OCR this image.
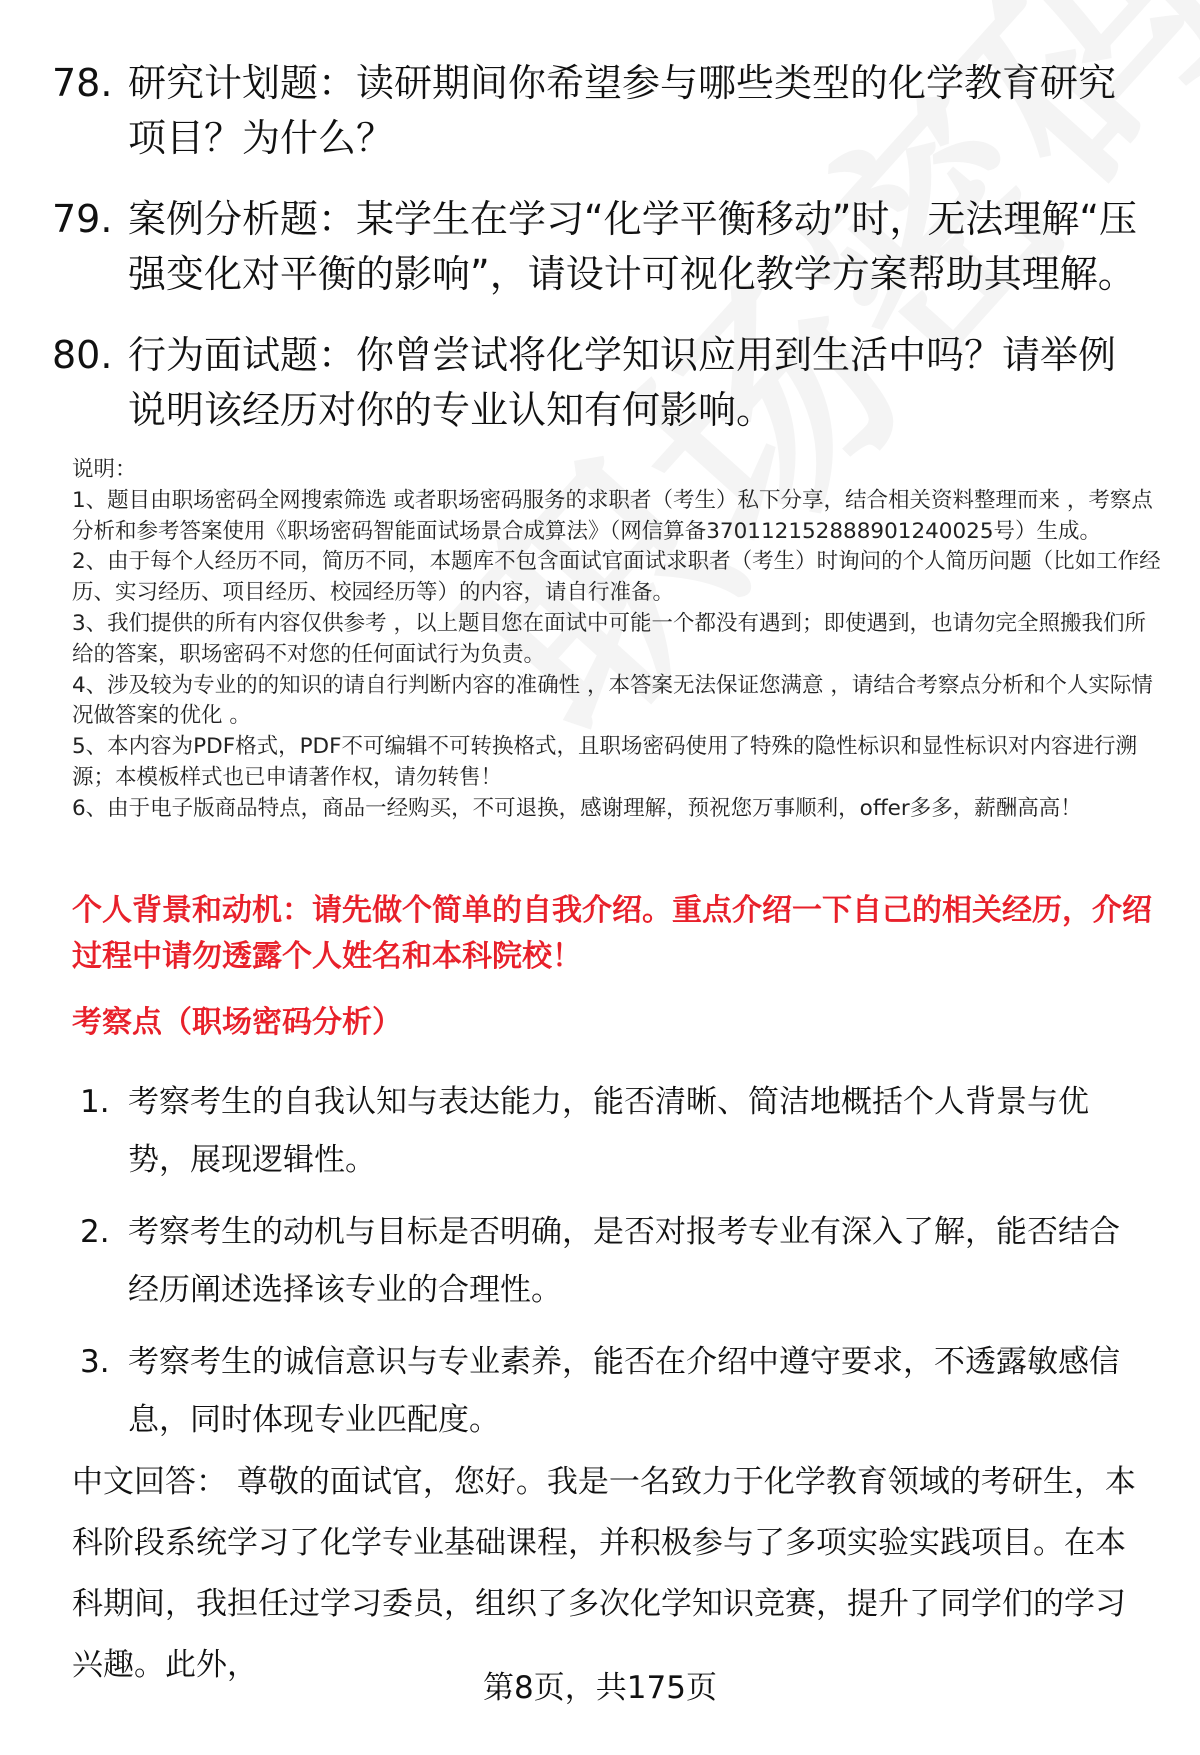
78. 研究计划题：读研期间你希望参与哪些类型的化学教育研究项目？为什么？
79. 案例分析题：某学生在学习“化学平衡移动”时，无法理解“压强变化对平衡的影响”，请设计可视化教学方案帮助其理解。
80. 行为面试题：你曾尝试将化学知识应用到生活中吗？请举例说明该经历对你的专业认知有何影响。
说明：
1、题目由职场密码全网搜索筛选 或者职场密码服务的求职者（考生）私下分享，结合相关资料整理而来 ，考察点分析和参考答案使用《职场密码智能面试场景合成算法》（网信算备370112152888901240025号）生成。
2、由于每个人经历不同，简历不同，本题库不包含面试官面试求职者（考生）时询问的个人简历问题（比如工作经历、实习经历、项目经历、校园经历等）的内容，请自行准备。
3、我们提供的所有内容仅供参考 ，以上题目您在面试中可能一个都没有遇到；即使遇到，也请勿完全照搬我们所给的答案，职场密码不对您的任何面试行为负责。
4、涉及较为专业的的知识的请自行判断内容的准确性 ，本答案无法保证您满意 ，请结合考察点分析和个人实际情况做答案的优化 。
5、本内容为PDF格式，PDF不可编辑不可转换格式，且职场密码使用了特殊的隐性标识和显性标识对内容进行溯源；本模板样式也已申请著作权，请勿转售！
6、由于电子版商品特点，商品一经购买，不可退换，感谢理解，预祝您万事顺利，offer多多，薪酬高高！
个人背景和动机：请先做个简单的自我介绍。重点介绍一下自己的相关经历，介绍过程中请勿透露个人姓名和本科院校！
考察点（职场密码分析）
1. 考察考生的自我认知与表达能力，能否清晰、简洁地概括个人背景与优势，展现逻辑性。
2. 考察考生的动机与目标是否明确，是否对报考专业有深入了解，能否结合经历阐述选择该专业的合理性。
3. 考察考生的诚信意识与专业素养，能否在介绍中遵守要求，不透露敏感信息，同时体现专业匹配度。
中文回答： 尊敬的面试官，您好。我是一名致力于化学教育领域的考研生，本科阶段系统学习了化学专业基础课程，并积极参与了多项实验实践项目。在本科期间，我担任过学习委员，组织了多次化学知识竞赛，提升了同学们的学习兴趣。此外，
第8页，共175页
